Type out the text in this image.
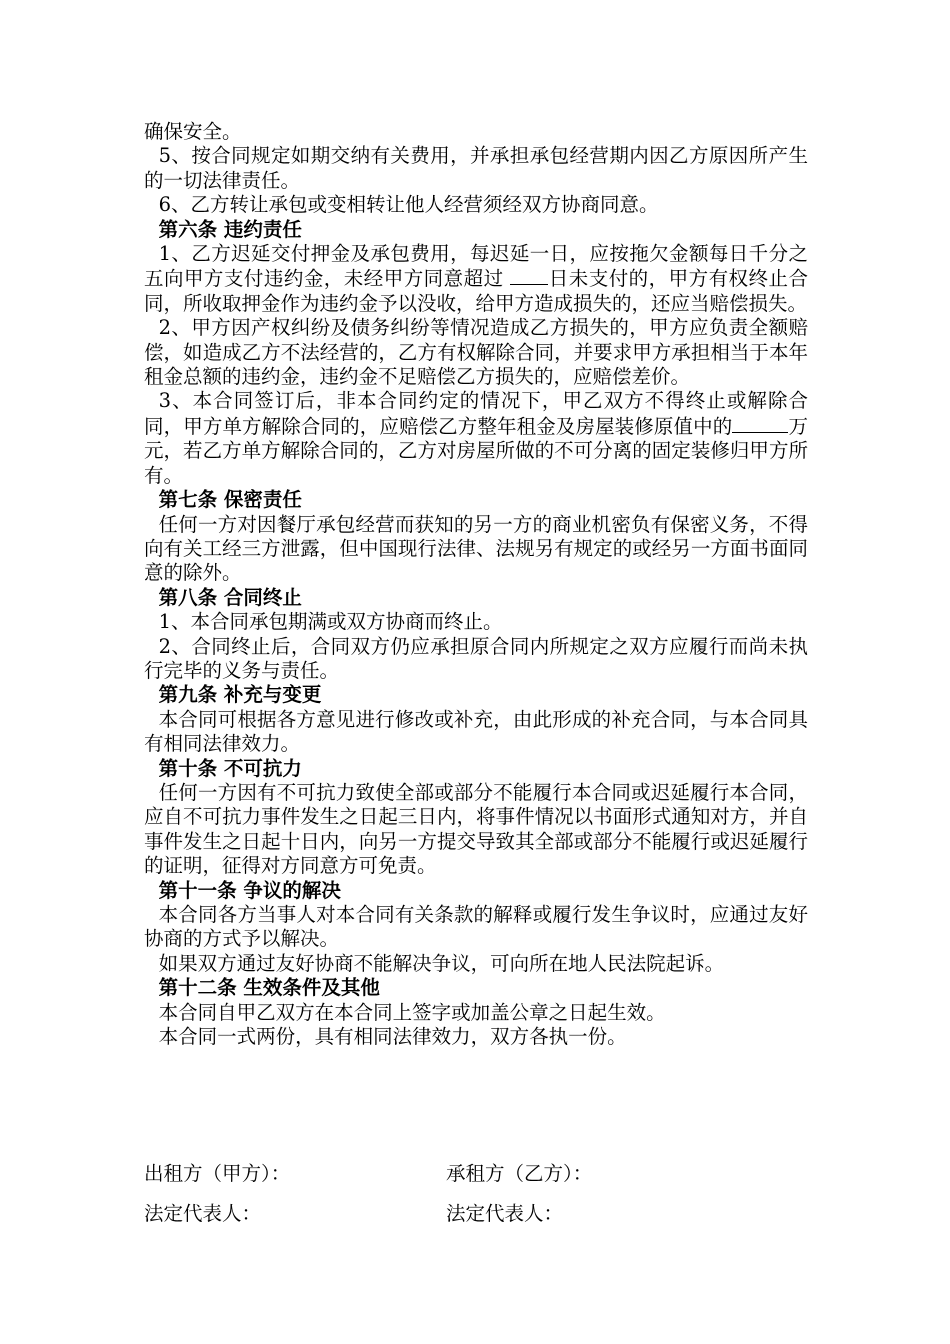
确保安全。

5、按合同规定如期交纳有关费用，并承担承包经营期内因乙方原因所产生的一切法律责任。

6、乙方转让承包或变相转让他人经营须经双方协商同意。

第六条 违约责任

1、乙方迟延交付押金及承包费用，每迟延一日，应按拖欠金额每日千分之五向甲方支付违约金，未经甲方同意超过 日未支付的，甲方有权终止合同，所收取押金作为违约金予以没收，给甲方造成损失的，还应当赔偿损失。

2、甲方因产权纠纷及债务纠纷等情况造成乙方损失的，甲方应负责全额赔偿，如造成乙方不法经营的，乙方有权解除合同，并要求甲方承担相当于本年租金总额的违约金，违约金不足赔偿乙方损失的，应赔偿差价。

3、本合同签订后，非本合同约定的情况下，甲乙双方不得终止或解除合同，甲方单方解除合同的，应赔偿乙方整年租金及房屋装修原值中的	万元，若乙方单方解除合同的，乙方对房屋所做的不可分离的固定装修归甲方所有。

第七条 保密责任

任何一方对因餐厅承包经营而获知的另一方的商业机密负有保密义务，不得向有关工经三方泄露，但中国现行法律、法规另有规定的或经另一方面书面同意的除外。

第八条 合同终止

1、本合同承包期满或双方协商而终止。

2、合同终止后，合同双方仍应承担原合同内所规定之双方应履行而尚未执行完毕的义务与责任。

第九条 补充与变更

本合同可根据各方意见进行修改或补充，由此形成的补充合同，与本合同具有相同法律效力。

第十条 不可抗力

任何一方因有不可抗力致使全部或部分不能履行本合同或迟延履行本合同，应自不可抗力事件发生之日起三日内，将事件情况以书面形式通知对方，并自事件发生之日起十日内，向另一方提交导致其全部或部分不能履行或迟延履行的证明，征得对方同意方可免责。

第十一条 争议的解决

本合同各方当事人对本合同有关条款的解释或履行发生争议时，应通过友好协商的方式予以解决。

如果双方通过友好协商不能解决争议，可向所在地人民法院起诉。

第十二条 生效条件及其他

本合同自甲乙双方在本合同上签字或加盖公章之日起生效。

本合同一式两份，具有相同法律效力，双方各执一份。

出租方（甲方）：	承租方（乙方）：
法定代表人：	法定代表人：
